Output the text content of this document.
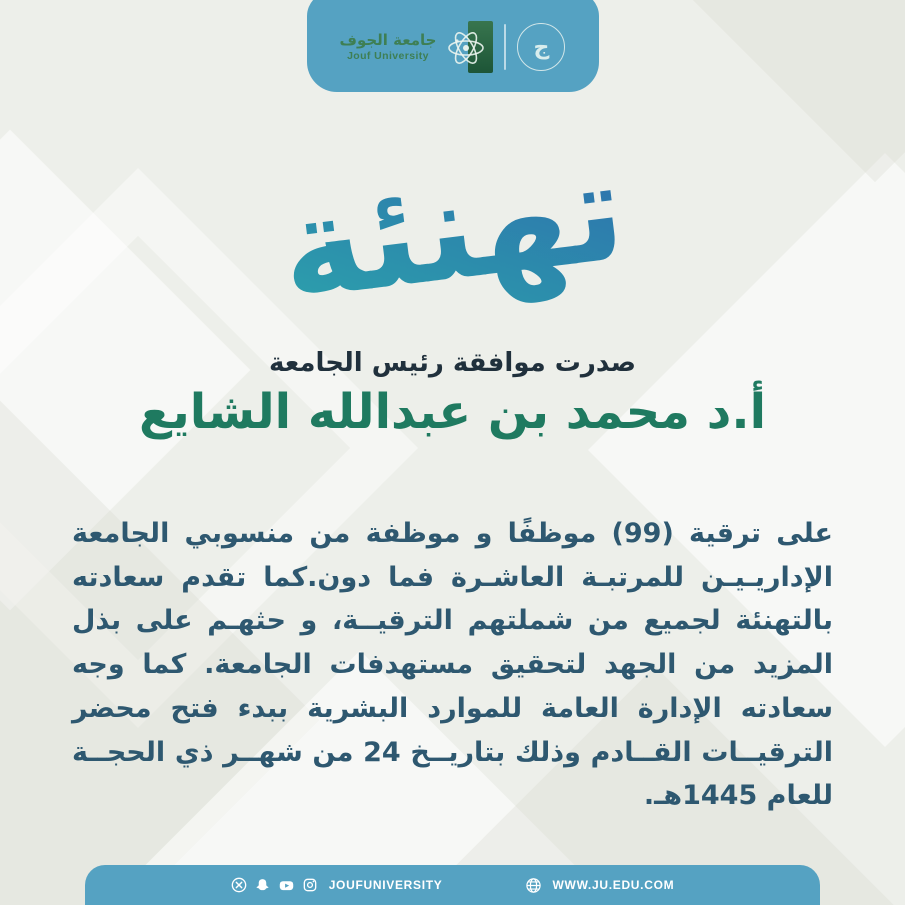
جامعة الجوف
Jouf University	ج
تهنئة
صدرت موافقة رئيس الجامعة
أ.د محمد بن عبدالله الشايع

على ترقية (99) موظفًا و موظفة من منسوبي الجامعة الإداريـيـن للمرتبـة العاشـرة فما دون.كما تقدم سعادته بالتهنئة لجميع من شملتهم الترقيــة، و حثهـم على بذل المزيد من الجهد لتحقيق مستهدفات الجامعة. كما وجه سعادته الإدارة العامة للموارد البشرية ببدء فتح محضر الترقيــات القــادم وذلك بتاريــخ 24 من شهــر ذي الحجــة للعام 1445هـ.

JOUFUNIVERSITY	WWW.JU.EDU.COM
